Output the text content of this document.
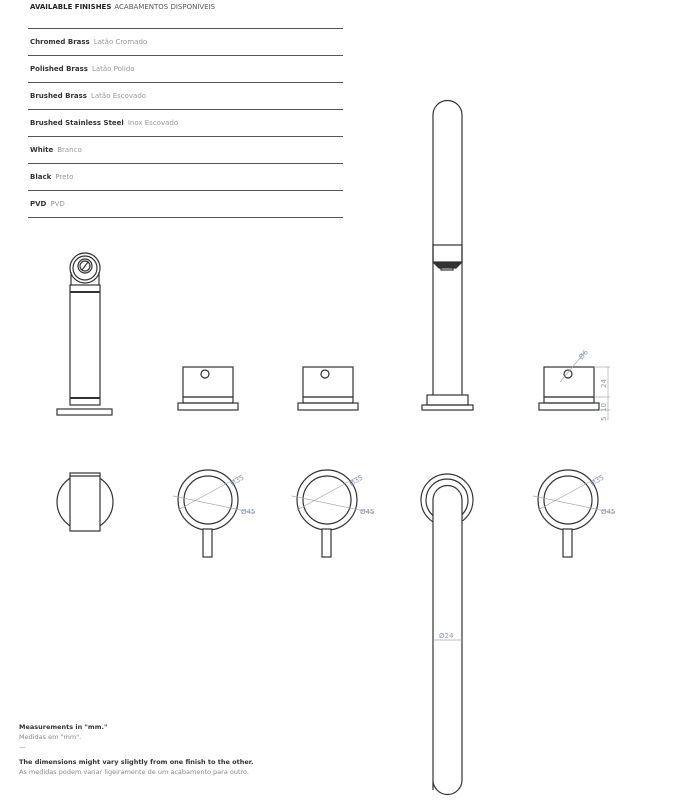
AVAILABLE FINISHES ACABAMENTOS DISPONÍVEIS
Chromed Brass Latão Cromado
Polished Brass Latão Polido
Brushed Brass Latão Escovado
Brushed Stainless Steel Inox Escovado
White Branco
Black Preto
PVD PVD
Ø6
24
10
5
Ø35
Ø45
Ø35
Ø45
Ø35
Ø45
Ø24
Measurements in "mm."
Medidas em "mm".
—
The dimensions might vary slightly from one finish to the other.
As medidas podem variar ligeiramente de um acabamento para outro.
